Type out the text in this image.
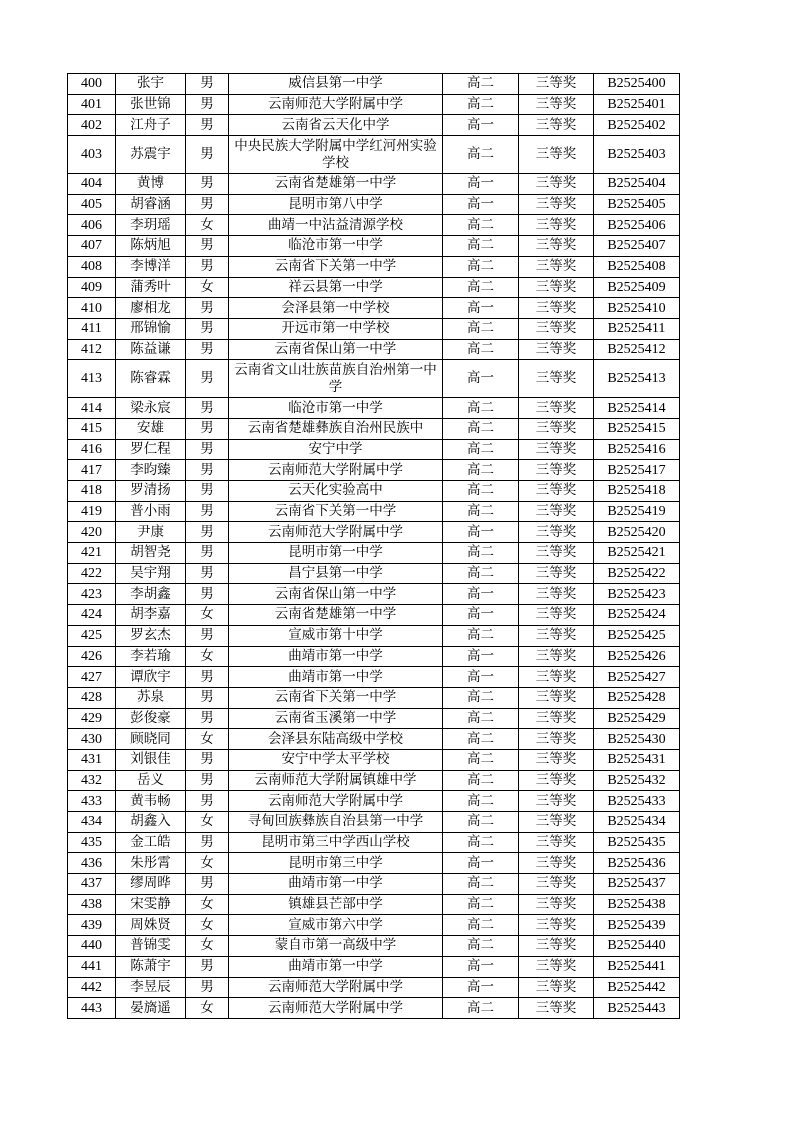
400	张宇	男	威信县第一中学	高二	三等奖	B2525400
401	张世锦	男	云南师范大学附属中学	高二	三等奖	B2525401
402	江舟子	男	云南省云天化中学	高一	三等奖	B2525402
403	苏震宇	男	中央民族大学附属中学红河州实验学校	高二	三等奖	B2525403
404	黄博	男	云南省楚雄第一中学	高一	三等奖	B2525404
405	胡睿涵	男	昆明市第八中学	高一	三等奖	B2525405
406	李玥瑶	女	曲靖一中沾益清源学校	高二	三等奖	B2525406
407	陈炳旭	男	临沧市第一中学	高二	三等奖	B2525407
408	李博洋	男	云南省下关第一中学	高二	三等奖	B2525408
409	蒲秀叶	女	祥云县第一中学	高二	三等奖	B2525409
410	廖相龙	男	会泽县第一中学校	高一	三等奖	B2525410
411	邢锦愉	男	开远市第一中学校	高二	三等奖	B2525411
412	陈益谦	男	云南省保山第一中学	高二	三等奖	B2525412
413	陈睿霖	男	云南省文山壮族苗族自治州第一中学	高一	三等奖	B2525413
414	梁永宸	男	临沧市第一中学	高二	三等奖	B2525414
415	安雄	男	云南省楚雄彝族自治州民族中	高二	三等奖	B2525415
416	罗仁程	男	安宁中学	高二	三等奖	B2525416
417	李昀臻	男	云南师范大学附属中学	高二	三等奖	B2525417
418	罗清扬	男	云天化实验高中	高二	三等奖	B2525418
419	普小雨	男	云南省下关第一中学	高二	三等奖	B2525419
420	尹康	男	云南师范大学附属中学	高一	三等奖	B2525420
421	胡智尧	男	昆明市第一中学	高二	三等奖	B2525421
422	吴宇翔	男	昌宁县第一中学	高二	三等奖	B2525422
423	李胡鑫	男	云南省保山第一中学	高一	三等奖	B2525423
424	胡李嘉	女	云南省楚雄第一中学	高一	三等奖	B2525424
425	罗玄杰	男	宣威市第十中学	高二	三等奖	B2525425
426	李若瑜	女	曲靖市第一中学	高一	三等奖	B2525426
427	谭欣宇	男	曲靖市第一中学	高一	三等奖	B2525427
428	苏泉	男	云南省下关第一中学	高二	三等奖	B2525428
429	彭俊豪	男	云南省玉溪第一中学	高二	三等奖	B2525429
430	顾晓同	女	会泽县东陆高级中学校	高二	三等奖	B2525430
431	刘银佳	男	安宁中学太平学校	高二	三等奖	B2525431
432	岳义	男	云南师范大学附属镇雄中学	高二	三等奖	B2525432
433	黄韦畅	男	云南师范大学附属中学	高二	三等奖	B2525433
434	胡鑫入	女	寻甸回族彝族自治县第一中学	高二	三等奖	B2525434
435	金工皓	男	昆明市第三中学西山学校	高二	三等奖	B2525435
436	朱彤霄	女	昆明市第三中学	高一	三等奖	B2525436
437	缪周晔	男	曲靖市第一中学	高二	三等奖	B2525437
438	宋雯静	女	镇雄县芒部中学	高二	三等奖	B2525438
439	周姝贤	女	宣威市第六中学	高二	三等奖	B2525439
440	普锦雯	女	蒙自市第一高级中学	高二	三等奖	B2525440
441	陈萧宇	男	曲靖市第一中学	高一	三等奖	B2525441
442	李昱辰	男	云南师范大学附属中学	高一	三等奖	B2525442
443	晏旖遥	女	云南师范大学附属中学	高二	三等奖	B2525443
